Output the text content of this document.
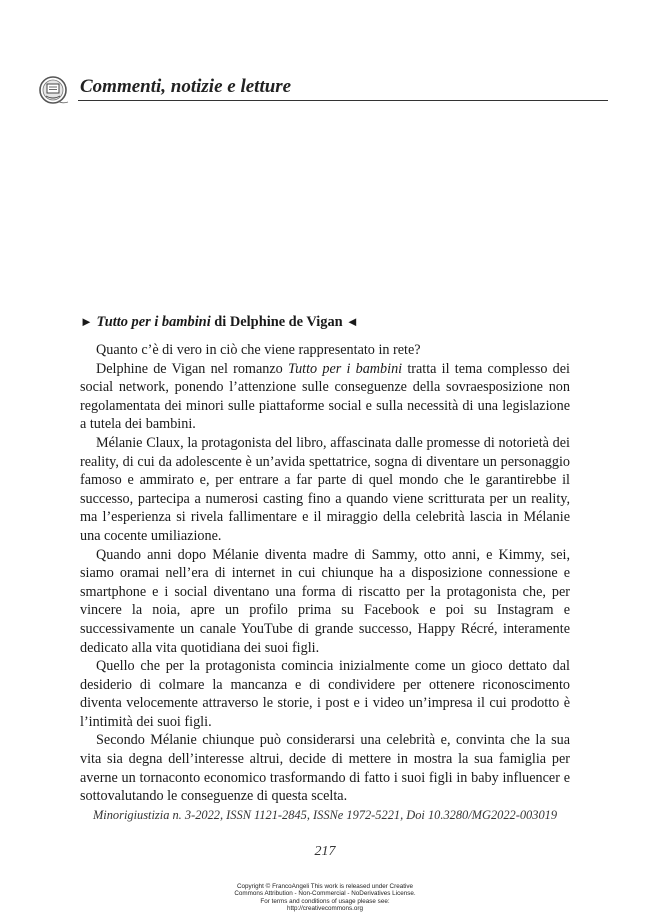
Commenti, notizie e letture
► Tutto per i bambini di Delphine de Vigan ◄

Quanto c’è di vero in ciò che viene rappresentato in rete?

Delphine de Vigan nel romanzo Tutto per i bambini tratta il tema complesso dei social network, ponendo l’attenzione sulle conseguenze della sovraesposizione non regolamentata dei minori sulle piattaforme social e sulla necessità di una legislazione a tutela dei bambini.

Mélanie Claux, la protagonista del libro, affascinata dalle promesse di notorietà dei reality, di cui da adolescente è un’avida spettatrice, sogna di diventare un personaggio famoso e ammirato e, per entrare a far parte di quel mondo che le garantirebbe il successo, partecipa a numerosi casting fino a quando viene scritturata per un reality, ma l’esperienza si rivela fallimentare e il miraggio della celebrità lascia in Mélanie una cocente umiliazione.

Quando anni dopo Mélanie diventa madre di Sammy, otto anni, e Kimmy, sei, siamo oramai nell’era di internet in cui chiunque ha a disposizione connessione e smartphone e i social diventano una forma di riscatto per la protagonista che, per vincere la noia, apre un profilo prima su Facebook e poi su Instagram e successivamente un canale YouTube di grande successo, Happy Récré, interamente dedicato alla vita quotidiana dei suoi figli.

Quello che per la protagonista comincia inizialmente come un gioco dettato dal desiderio di colmare la mancanza e di condividere per ottenere riconoscimento diventa velocemente attraverso le storie, i post e i video un’impresa il cui prodotto è l’intimità dei suoi figli.

Secondo Mélanie chiunque può considerarsi una celebrità e, convinta che la sua vita sia degna dell’interesse altrui, decide di mettere in mostra la sua famiglia per averne un tornaconto economico trasformando di fatto i suoi figli in baby influencer e sottovalutando le conseguenze di questa scelta.

Minorigiustizia n. 3-2022, ISSN 1121-2845, ISSNe 1972-5221, Doi 10.3280/MG2022-003019
217
Copyright © FrancoAngeli This work is released under Creative
Commons Attribution - Non-Commercial - NoDerivatives License.
For terms and conditions of usage please see:
http://creativecommons.org
